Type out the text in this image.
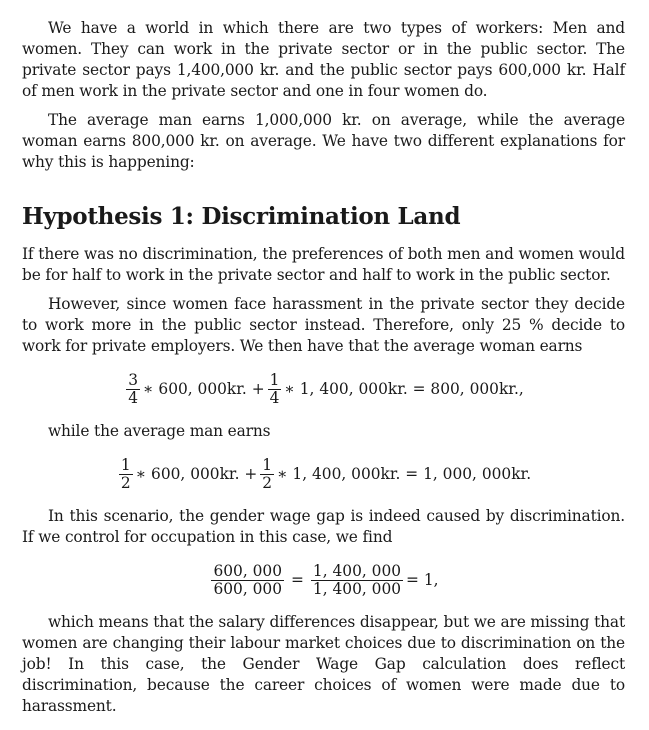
We have a world in which there are two types of workers: Men and women. They can work in the private sector or in the public sector. The private sector pays 1,400,000 kr. and the public sector pays 600,000 kr. Half of men work in the private sector and one in four women do.

The average man earns 1,000,000 kr. on average, while the average woman earns 800,000 kr. on average. We have two different explanations for why this is happening:

Hypothesis 1: Discrimination Land

If there was no discrimination, the preferences of both men and women would be for half to work in the private sector and half to work in the public sector.

However, since women face harassment in the private sector they decide to work more in the public sector instead. Therefore, only 25 % decide to work for private employers. We then have that the average woman earns

$\frac{3}{4}$ ∗ 600, 000kr. + $\frac{1}{4}$ ∗ 1, 400, 000kr. = 800, 000kr.,

while the average man earns

$\frac{1}{2}$ ∗ 600, 000kr. + $\frac{1}{2}$ ∗ 1, 400, 000kr. = 1, 000, 000kr.

In this scenario, the gender wage gap is indeed caused by discrimination. If we control for occupation in this case, we find

$\frac{600, 000}{600, 000} = \frac{1, 400, 000}{1, 400, 000} = 1$,

which means that the salary differences disappear, but we are missing that women are changing their labour market choices due to discrimination on the job! In this case, the Gender Wage Gap calculation does reflect discrimination, because the career choices of women were made due to harassment.
